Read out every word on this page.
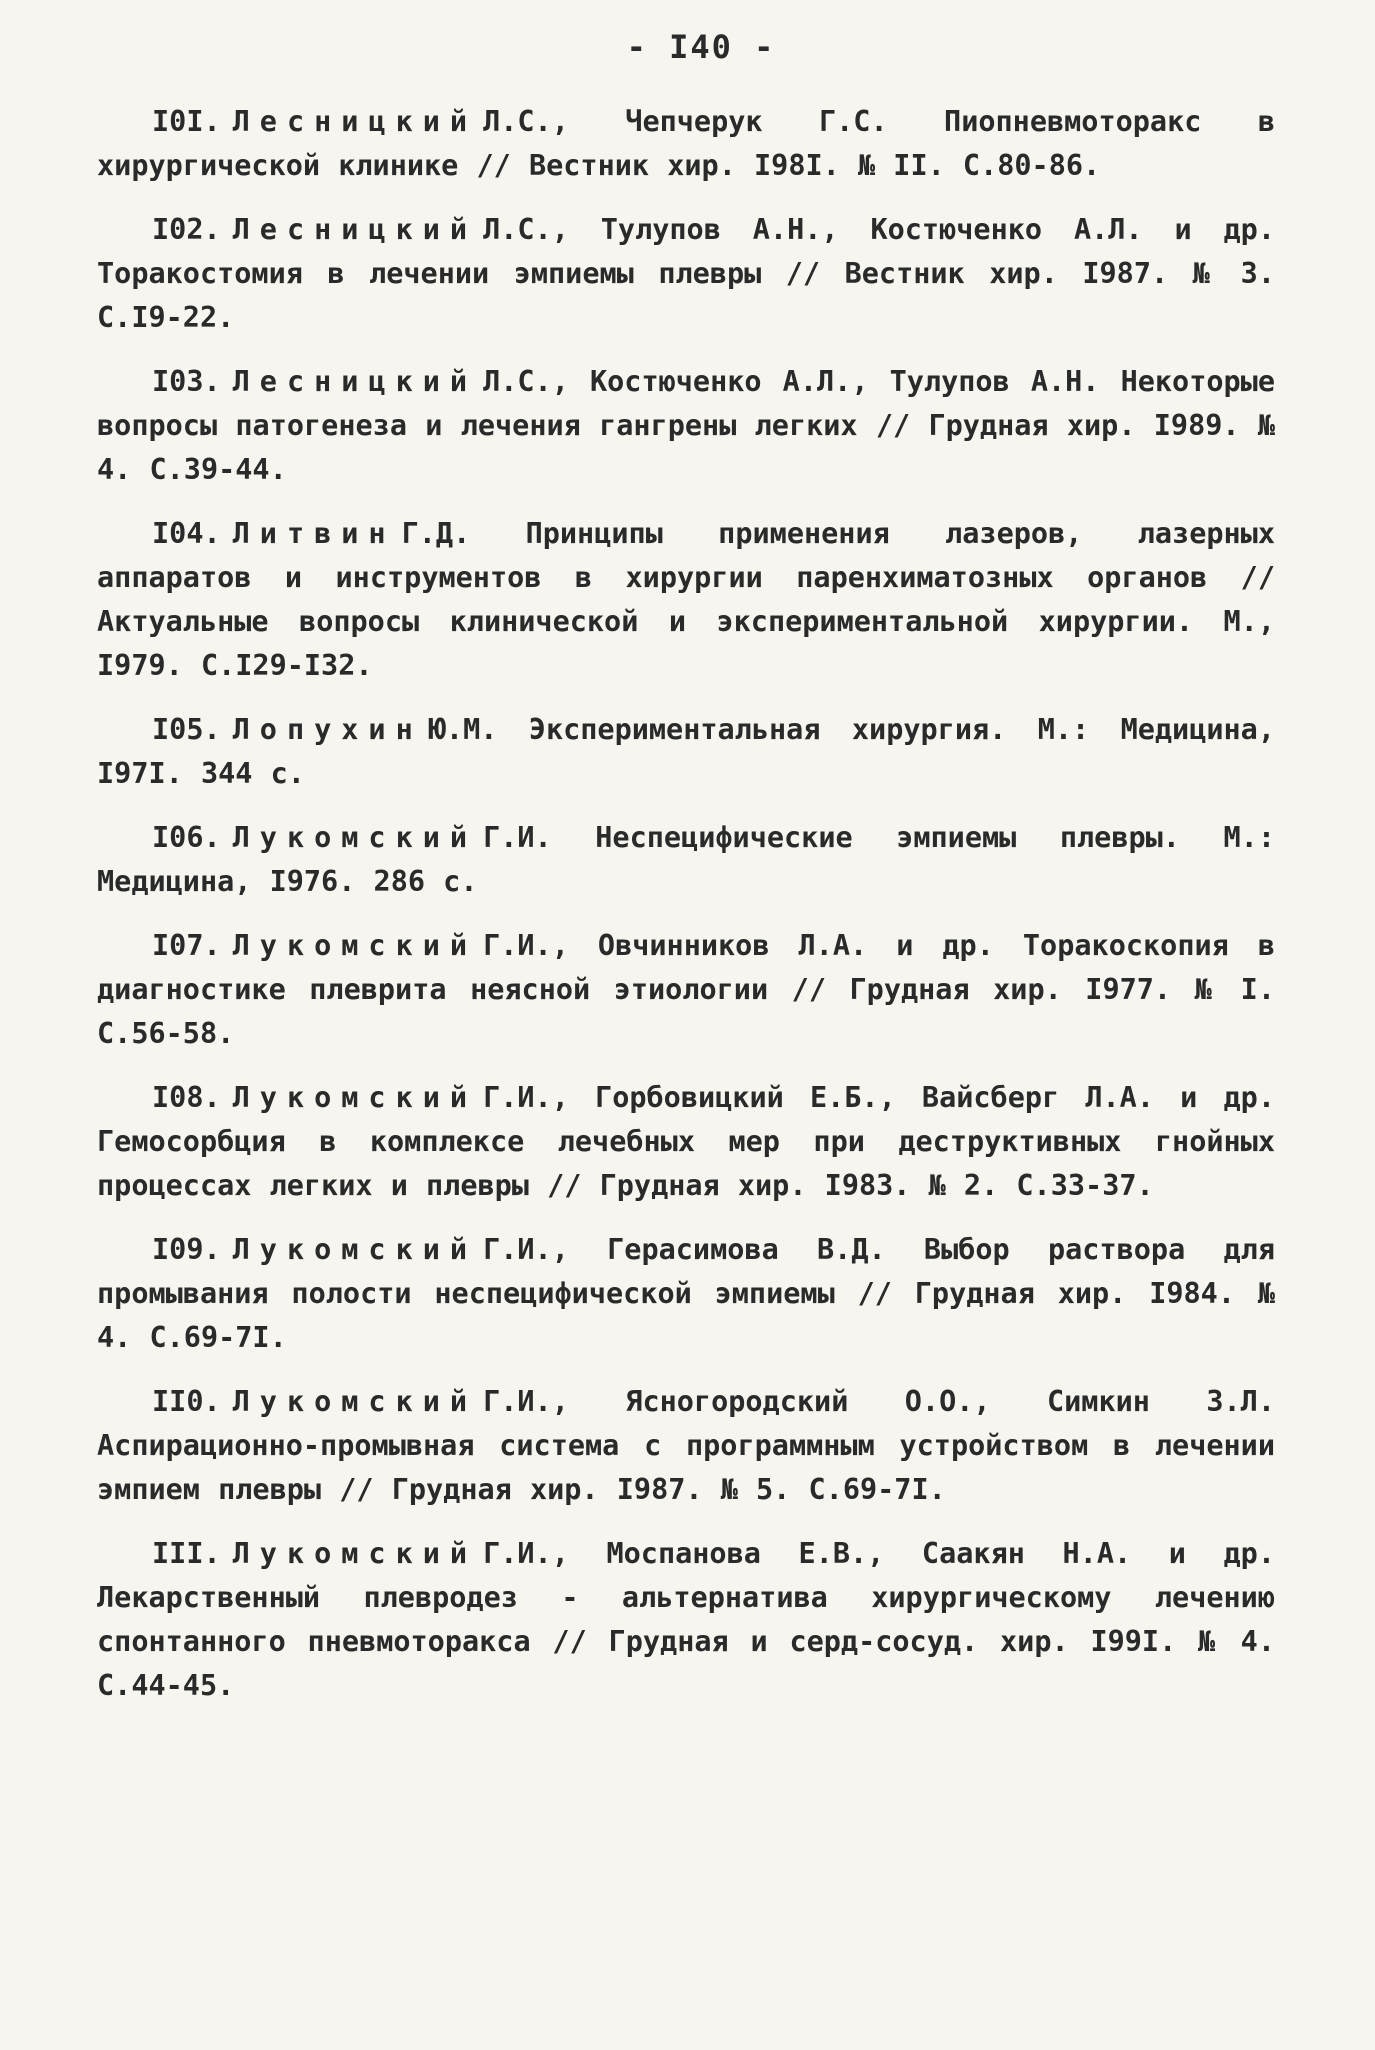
- I40 -

I0I. Лесницкий Л.С., Чепчерук Г.С. Пиопневмоторакс в хирургической клинике // Вестник хир. I98I. № II. С.80-86.

I02. Лесницкий Л.С., Тулупов А.Н., Костюченко А.Л. и др. Торакостомия в лечении эмпиемы плевры // Вестник хир. I987. № 3. С.I9-22.

I03. Лесницкий Л.С., Костюченко А.Л., Тулупов А.Н. Некоторые вопросы патогенеза и лечения гангрены легких // Грудная хир. I989. № 4. С.39-44.

I04. Литвин Г.Д. Принципы применения лазеров, лазерных аппаратов и инструментов в хирургии паренхиматозных органов // Актуальные вопросы клинической и экспериментальной хирургии. М., I979. С.I29-I32.

I05. Лопухин Ю.М. Экспериментальная хирургия. М.: Медицина, I97I. 344 с.

I06. Лукомский Г.И. Неспецифические эмпиемы плевры. М.: Медицина, I976. 286 с.

I07. Лукомский Г.И., Овчинников Л.А. и др. Торакоскопия в диагностике плеврита неясной этиологии // Грудная хир. I977. № I. С.56-58.

I08. Лукомский Г.И., Горбовицкий Е.Б., Вайсберг Л.А. и др. Гемосорбция в комплексе лечебных мер при деструктивных гнойных процессах легких и плевры // Грудная хир. I983. № 2. С.33-37.

I09. Лукомский Г.И., Герасимова В.Д. Выбор раствора для промывания полости неспецифической эмпиемы // Грудная хир. I984. № 4. С.69-7I.

II0. Лукомский Г.И., Ясногородский О.О., Симкин З.Л. Аспирационно-промывная система с программным устройством в лечении эмпием плевры // Грудная хир. I987. № 5. С.69-7I.

III. Лукомский Г.И., Моспанова Е.В., Саакян Н.А. и др. Лекарственный плевродез - альтернатива хирургическому лечению спонтанного пневмоторакса // Грудная и серд-сосуд. хир. I99I. № 4. С.44-45.
